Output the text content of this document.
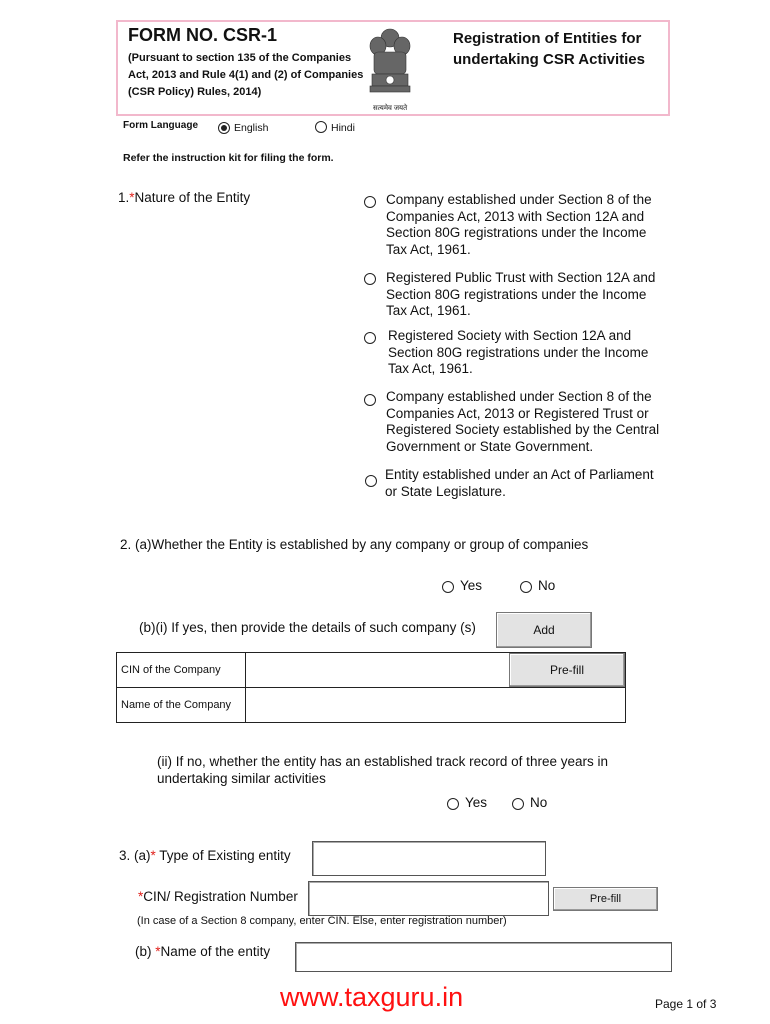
FORM NO. CSR-1
(Pursuant to section 135 of the Companies Act, 2013 and Rule 4(1) and (2) of Companies (CSR Policy) Rules, 2014)
सत्यमेव जयते
Registration of Entities for
undertaking CSR Activities
Form Language	English	Hindi
Refer the instruction kit for filing the form.
1.*Nature of the Entity	Company established under Section 8 of the
Companies Act, 2013 with Section 12A and
Section 80G registrations under the Income
Tax Act, 1961.
Registered Public Trust with Section 12A and
Section 80G registrations under the Income
Tax Act, 1961.
Registered Society with Section 12A and
Section 80G registrations under the Income
Tax Act, 1961.
Company established under Section 8 of the
Companies Act, 2013 or Registered Trust or
Registered Society established by the Central
Government or State Government.
Entity established under an Act of Parliament
or State Legislature.
2. (a)Whether the Entity is established by any company or group of companies
Yes	No
(b)(i) If yes, then provide the details of such company (s)	Add
CIN of the Company	Pre-fill

Name of the Company	
(ii) If no, whether the entity has an established track record of three years in
undertaking similar activities
Yes	No
3. (a)* Type of Existing entity
*CIN/ Registration Number	Pre-fill
(In case of a Section 8 company, enter CIN. Else, enter registration number)
(b) *Name of the entity
www.taxguru.in	Page 1 of 3
